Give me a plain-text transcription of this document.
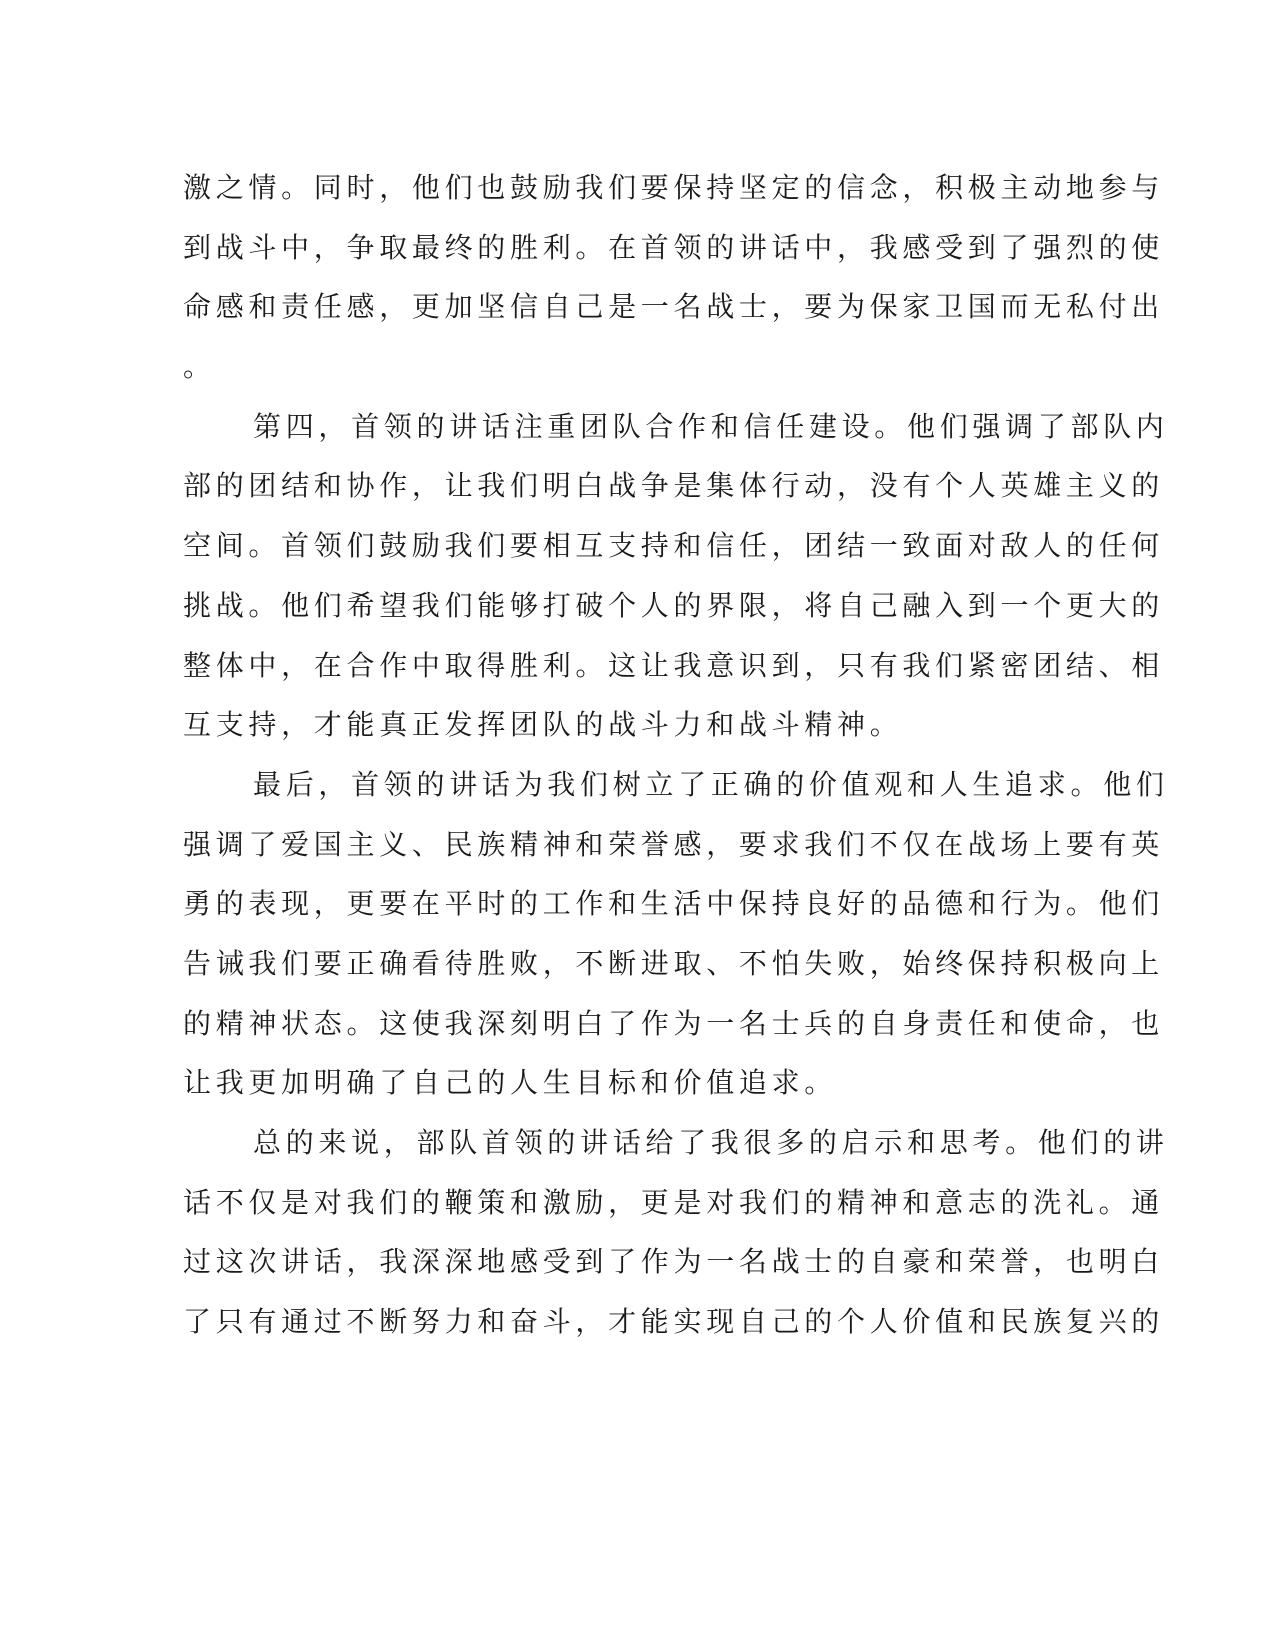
激之情。同时，他们也鼓励我们要保持坚定的信念，积极主动地参与
到战斗中，争取最终的胜利。在首领的讲话中，我感受到了强烈的使
命感和责任感，更加坚信自己是一名战士，要为保家卫国而无私付出
。
第四，首领的讲话注重团队合作和信任建设。他们强调了部队内
部的团结和协作，让我们明白战争是集体行动，没有个人英雄主义的
空间。首领们鼓励我们要相互支持和信任，团结一致面对敌人的任何
挑战。他们希望我们能够打破个人的界限，将自己融入到一个更大的
整体中，在合作中取得胜利。这让我意识到，只有我们紧密团结、相
互支持，才能真正发挥团队的战斗力和战斗精神。
最后，首领的讲话为我们树立了正确的价值观和人生追求。他们
强调了爱国主义、民族精神和荣誉感，要求我们不仅在战场上要有英
勇的表现，更要在平时的工作和生活中保持良好的品德和行为。他们
告诫我们要正确看待胜败，不断进取、不怕失败，始终保持积极向上
的精神状态。这使我深刻明白了作为一名士兵的自身责任和使命，也
让我更加明确了自己的人生目标和价值追求。
总的来说，部队首领的讲话给了我很多的启示和思考。他们的讲
话不仅是对我们的鞭策和激励，更是对我们的精神和意志的洗礼。通
过这次讲话，我深深地感受到了作为一名战士的自豪和荣誉，也明白
了只有通过不断努力和奋斗，才能实现自己的个人价值和民族复兴的
